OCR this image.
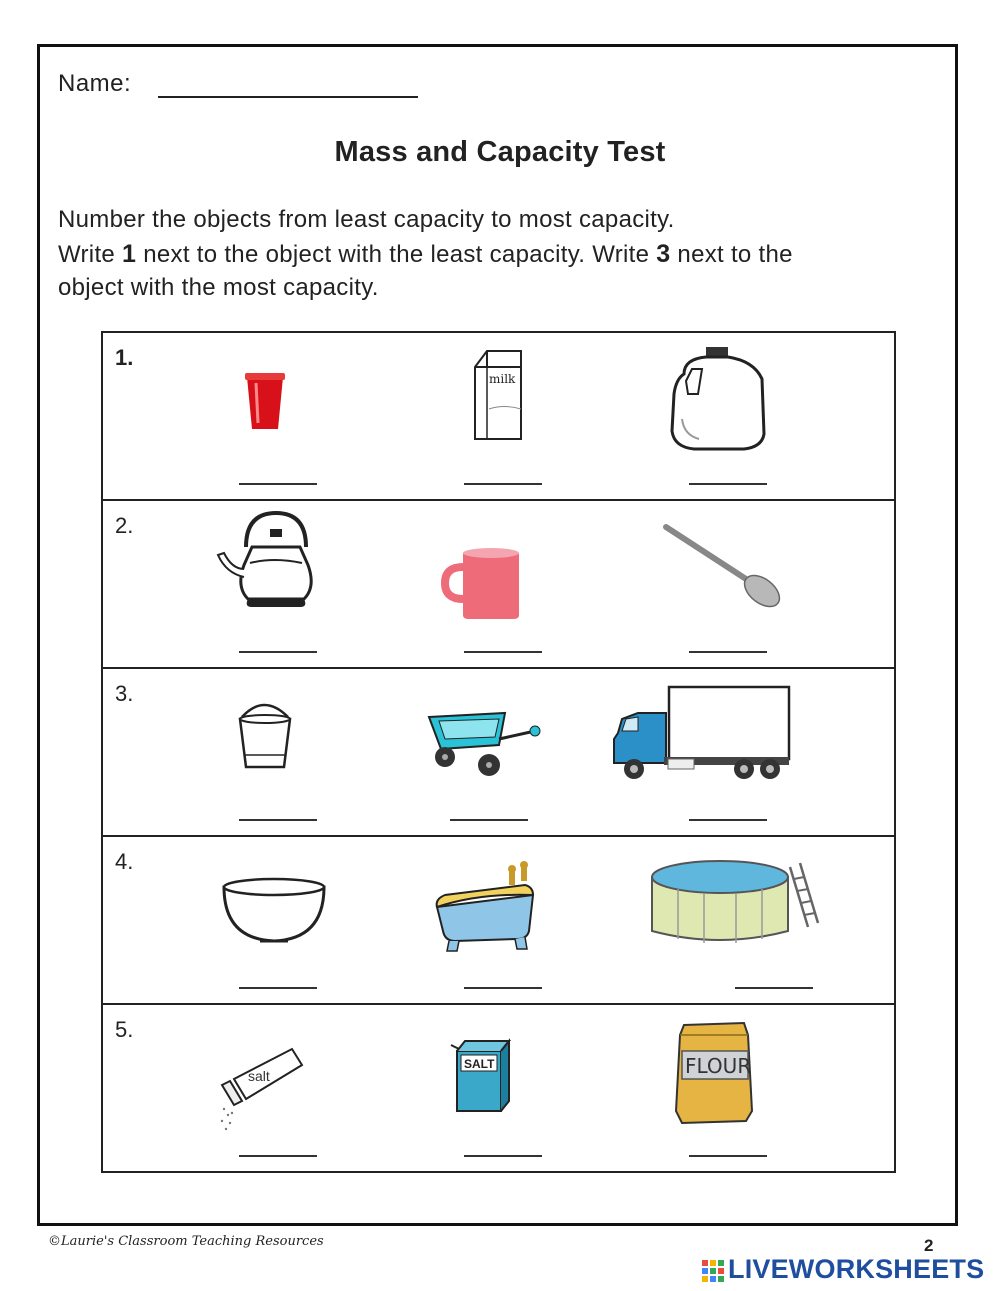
Name:
Mass and Capacity Test
Number the objects from least capacity to most capacity.
Write 1 next to the object with the least capacity. Write 3 next to the
object with the most capacity.
1.
milk
2.
3.
4.
5.
salt
SALT	FLOUR
©Laurie's Classroom Teaching Resources	2
LIVEWORKSHEETS
